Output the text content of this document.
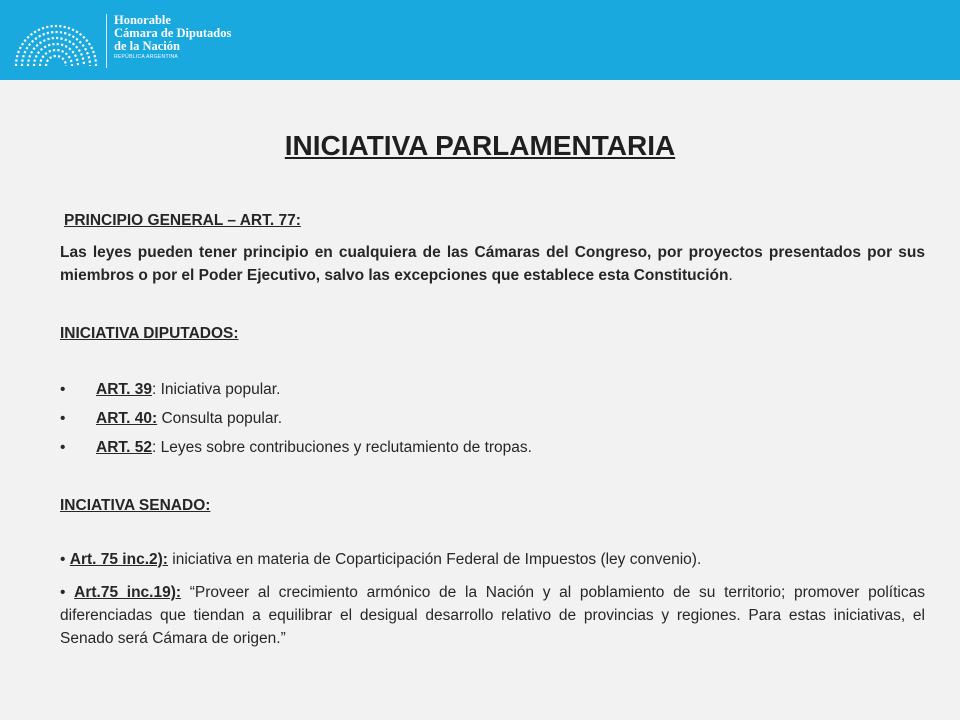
Honorable
Cámara de Diputados
de la Nación
REPÚBLICA ARGENTINA
INICIATIVA PARLAMENTARIA
PRINCIPIO GENERAL – ART. 77:
Las leyes pueden tener principio en cualquiera de las Cámaras del Congreso, por proyectos presentados por sus miembros o por el Poder Ejecutivo, salvo las excepciones que establece esta Constitución.
INICIATIVA DIPUTADOS:
• ART. 39: Iniciativa popular.
• ART. 40: Consulta popular.
• ART. 52: Leyes sobre contribuciones y reclutamiento de tropas.
INCIATIVA SENADO:
• Art. 75 inc.2): iniciativa en materia de Coparticipación Federal de Impuestos (ley convenio).
• Art.75 inc.19): “Proveer al crecimiento armónico de la Nación y al poblamiento de su territorio; promover políticas diferenciadas que tiendan a equilibrar el desigual desarrollo relativo de provincias y regiones. Para estas iniciativas, el Senado será Cámara de origen.”
